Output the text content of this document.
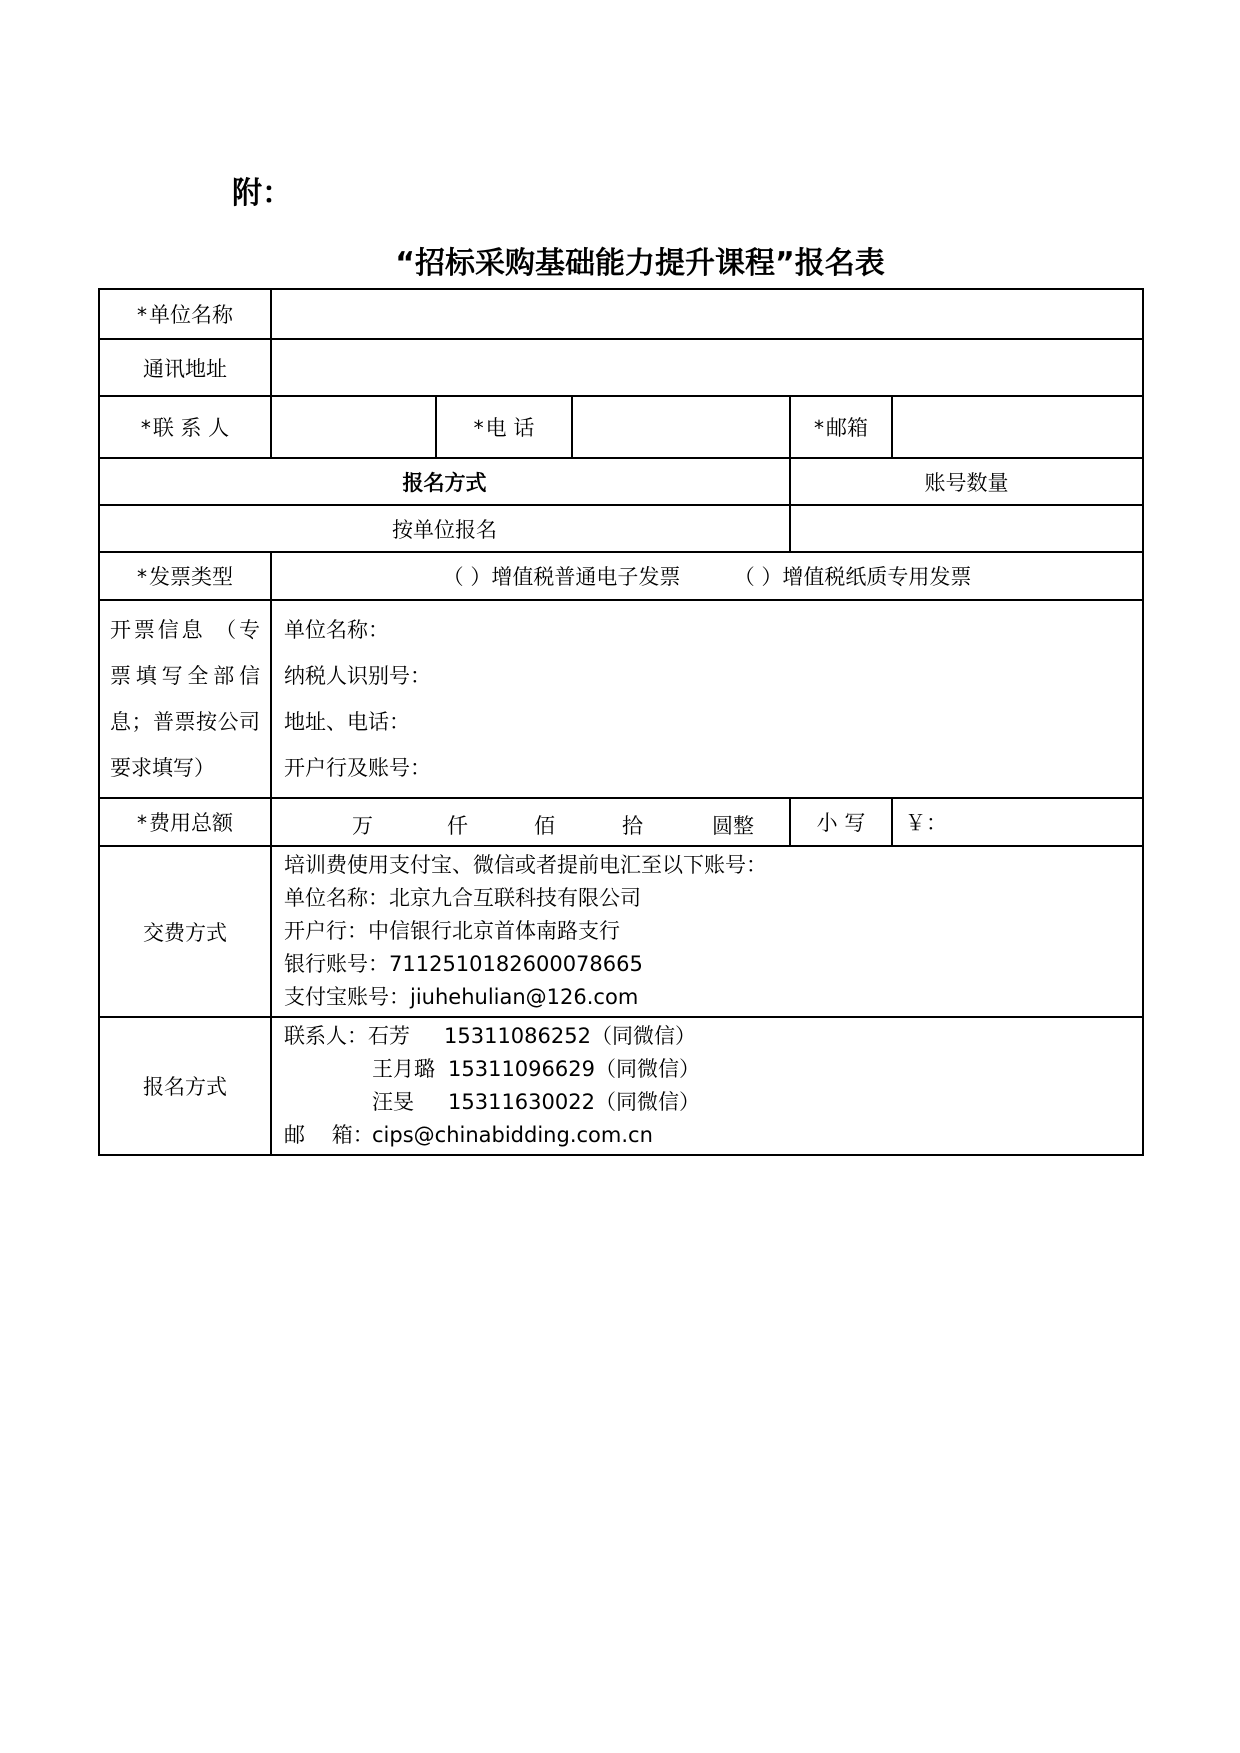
附：
“招标采购基础能力提升课程”报名表
*单位名称					
通讯地址					
*联 系 人		*电 话		*邮箱	
报名方式				账号数量	
按单位报名					
*发票类型	（ ）增值税普通电子发票 （ ）增值税纸质专用发票				
开票信息 （专票填写全部信息；普票按公司要求填写）	单位名称：
纳税人识别号：
地址、电话：
开户行及账号：				

*费用总额	万 仟 佰 拾 圆整			小 写	￥：
交费方式	培训费使用支付宝、微信或者提前电汇至以下账号：
单位名称：北京九合互联科技有限公司
开户行：中信银行北京首体南路支行
银行账号：7112510182600078665
支付宝账号：jiuhehulian@126.com				

报名方式	联系人：石芳 15311086252（同微信）
王月璐 15311096629（同微信）
汪旻 15311630022（同微信）
邮    箱：cips@chinabidding.com.cn				
